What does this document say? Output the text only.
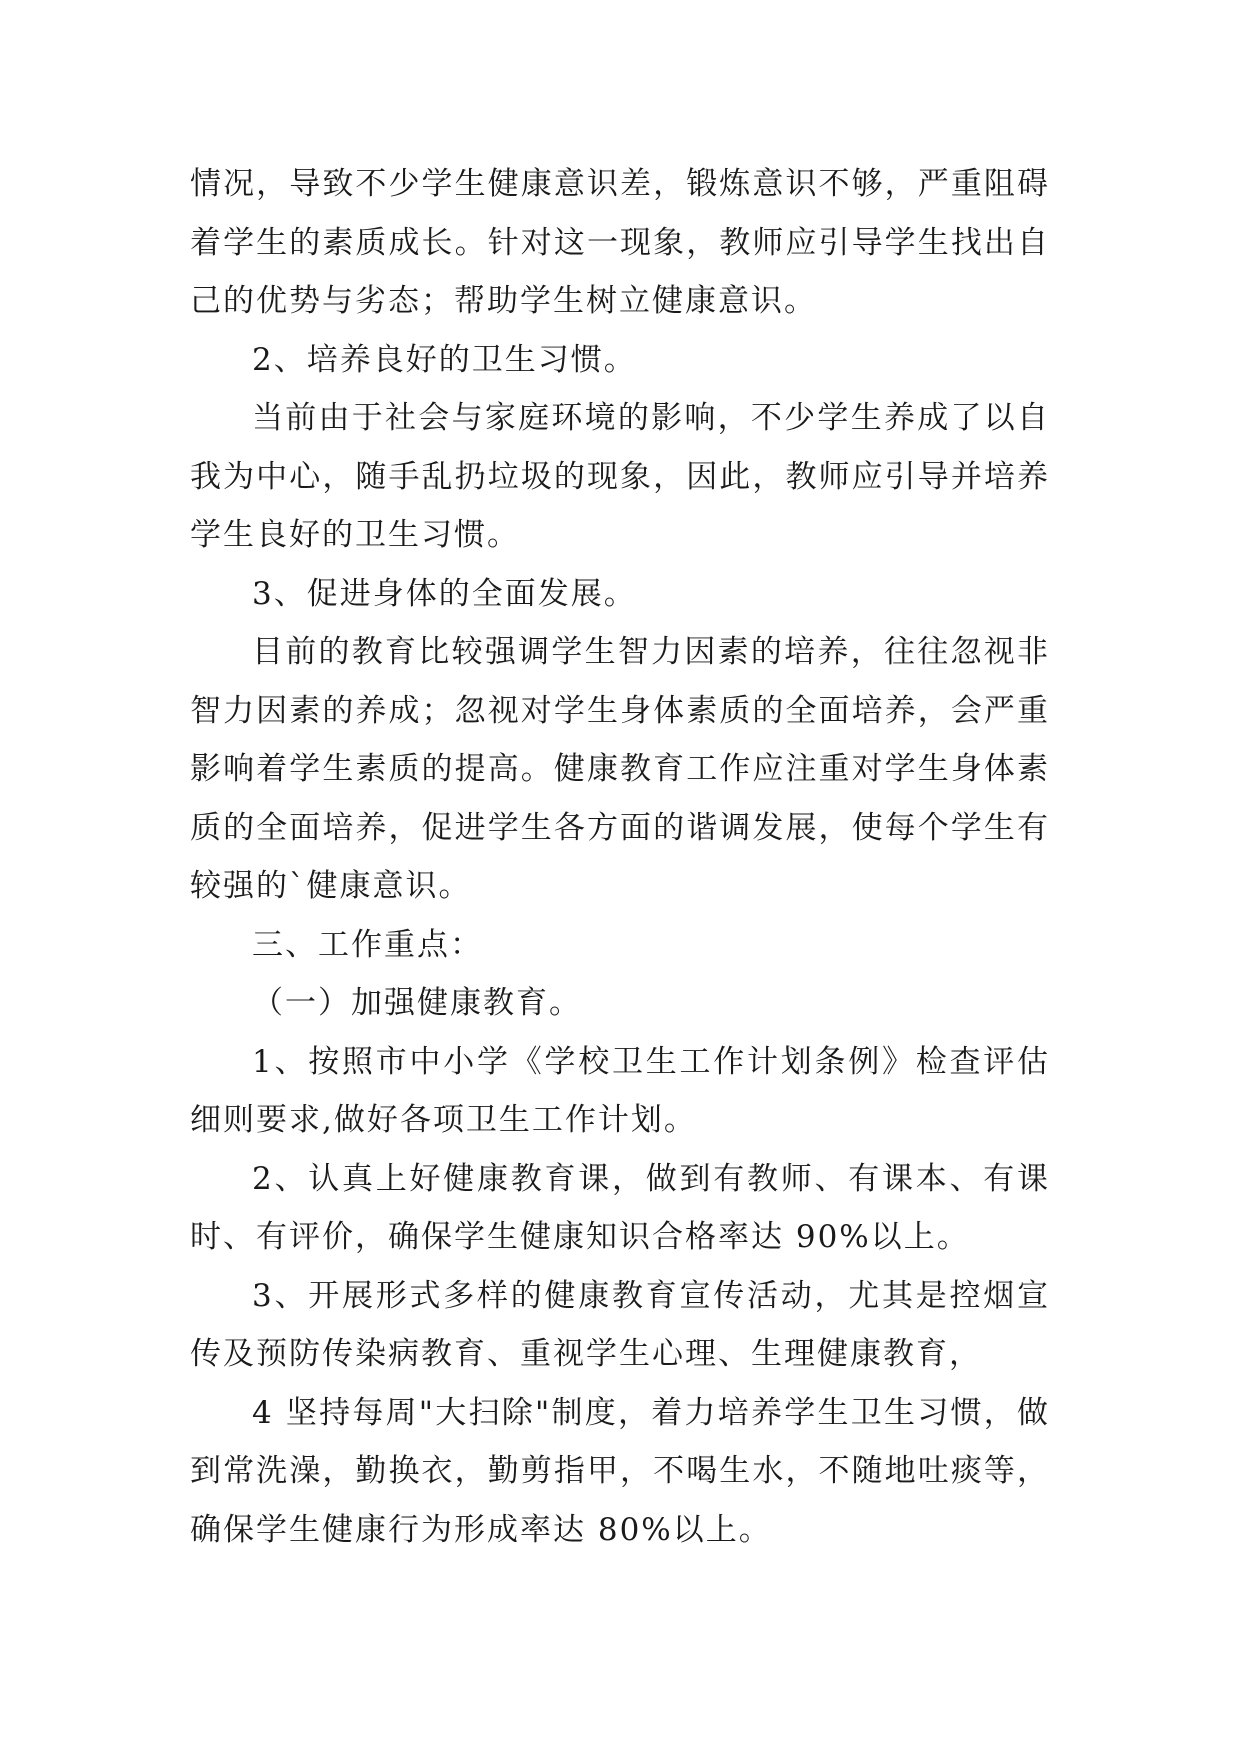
情况，导致不少学生健康意识差，锻炼意识不够，严重阻碍着学生的素质成长。针对这一现象，教师应引导学生找出自己的优势与劣态；帮助学生树立健康意识。

2、培养良好的卫生习惯。

当前由于社会与家庭环境的影响，不少学生养成了以自我为中心，随手乱扔垃圾的现象，因此，教师应引导并培养学生良好的卫生习惯。

3、促进身体的全面发展。

目前的教育比较强调学生智力因素的培养，往往忽视非智力因素的养成；忽视对学生身体素质的全面培养，会严重影响着学生素质的提高。健康教育工作应注重对学生身体素质的全面培养，促进学生各方面的谐调发展，使每个学生有较强的`健康意识。

三、工作重点：

（一）加强健康教育。

1、按照市中小学《学校卫生工作计划条例》检查评估细则要求,做好各项卫生工作计划。

2、认真上好健康教育课，做到有教师、有课本、有课时、有评价，确保学生健康知识合格率达 90%以上。

3、开展形式多样的健康教育宣传活动，尤其是控烟宣传及预防传染病教育、重视学生心理、生理健康教育，

4 坚持每周"大扫除"制度，着力培养学生卫生习惯，做到常洗澡，勤换衣，勤剪指甲，不喝生水，不随地吐痰等，确保学生健康行为形成率达 80%以上。
